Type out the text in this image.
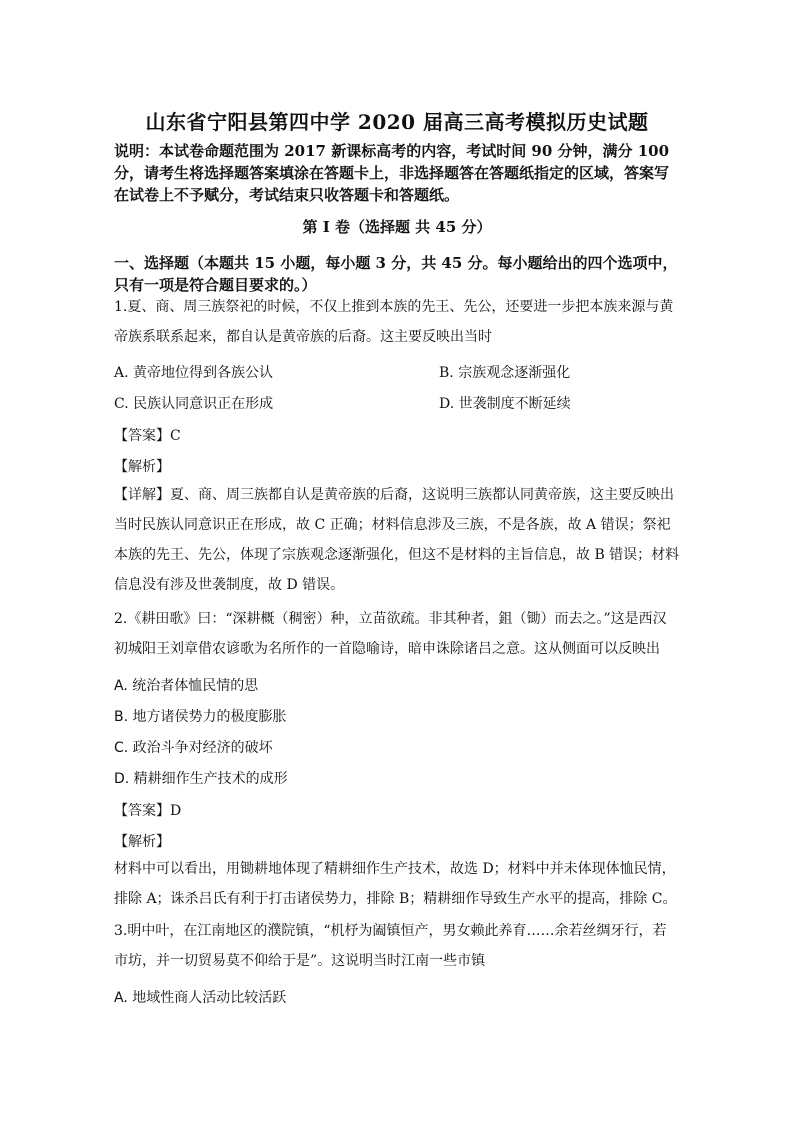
山东省宁阳县第四中学 2020 届高三高考模拟历史试题
说明：本试卷命题范围为 2017 新课标高考的内容，考试时间 90 分钟，满分 100 分，请考生将选择题答案填涂在答题卡上，非选择题答在答题纸指定的区域，答案写在试卷上不予赋分，考试结束只收答题卡和答题纸。
第 I 卷（选择题 共 45 分）
一、选择题（本题共 15 小题，每小题 3 分，共 45 分。每小题给出的四个选项中，只有一项是符合题目要求的。）
1.夏、商、周三族祭祀的时候，不仅上推到本族的先王、先公，还要进一步把本族来源与黄帝族系联系起来，都自认是黄帝族的后裔。这主要反映出当时
A. 黄帝地位得到各族公认	B. 宗族观念逐渐强化
C. 民族认同意识正在形成	D. 世袭制度不断延续
【答案】C
【解析】
【详解】夏、商、周三族都自认是黄帝族的后裔，这说明三族都认同黄帝族，这主要反映出当时民族认同意识正在形成，故 C 正确；材料信息涉及三族，不是各族，故 A 错误；祭祀本族的先王、先公，体现了宗族观念逐渐强化，但这不是材料的主旨信息，故 B 错误；材料信息没有涉及世袭制度，故 D 错误。
2.《耕田歌》曰：“深耕概（稠密）种，立苗欲疏。非其种者，鉏（锄）而去之。”这是西汉初城阳王刘章借农谚歌为名所作的一首隐喻诗，暗申诛除诸吕之意。这从侧面可以反映出
A. 统治者体恤民情的思
B. 地方诸侯势力的极度膨胀
C. 政治斗争对经济的破坏
D. 精耕细作生产技术的成形
【答案】D
【解析】
材料中可以看出，用锄耕地体现了精耕细作生产技术，故选 D；材料中并未体现体恤民情，排除 A；诛杀吕氏有利于打击诸侯势力，排除 B；精耕细作导致生产水平的提高，排除 C。
3.明中叶，在江南地区的濮院镇，“机杼为阖镇恒产，男女赖此养育……余若丝绸牙行，若市坊，并一切贸易莫不仰给于是”。这说明当时江南一些市镇
A. 地域性商人活动比较活跃
